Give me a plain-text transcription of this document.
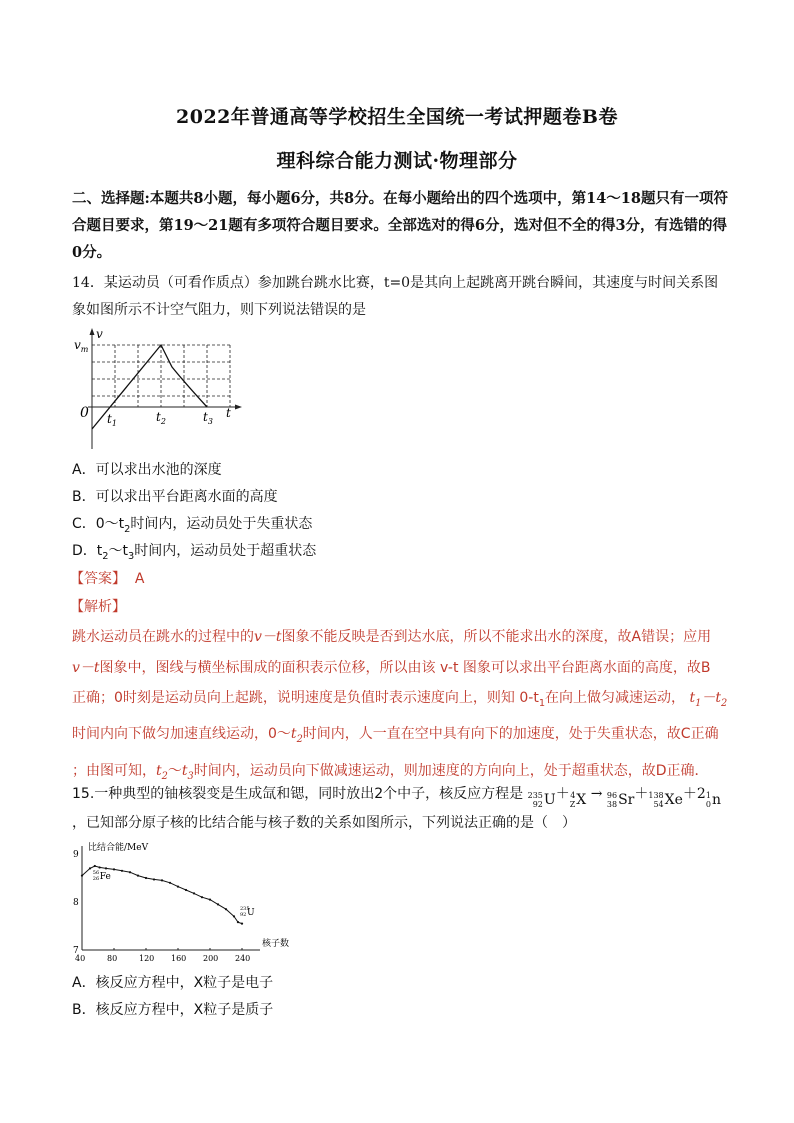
2022年普通高等学校招生全国统一考试押题卷B卷
理科综合能力测试·物理部分
二、选择题:本题共8小题，每小题6分，共8分。在每小题给出的四个选项中，第14～18题只有一项符合题目要求，第19～21题有多项符合题目要求。全部选对的得6分，选对但不全的得3分，有选错的得0分。
14．某运动员（可看作质点）参加跳台跳水比赛，t=0是其向上起跳离开跳台瞬间，其速度与时间关系图象如图所示不计空气阻力，则下列说法错误的是
v
$v_m$
0	t
$t_1$	$t_2$	$t_3$
A．可以求出水池的深度
B．可以求出平台距离水面的高度
C．$0\sim t_2$时间内，运动员处于失重状态
D．$t_2\sim t_3$时间内，运动员处于超重状态
【答案】 A
【解析】
跳水运动员在跳水的过程中的v－t图象不能反映是否到达水底，所以不能求出水的深度，故A错误；应用
v－t图象中，图线与横坐标围成的面积表示位移，所以由该 v-t 图象可以求出平台距离水面的高度，故B
正确；0时刻是运动员向上起跳，说明速度是负值时表示速度向上，则知 $0-t_1$在向上做匀减速运动， $t_1-t_2$
时间内向下做匀加速直线运动，$0\sim t_2$时间内，人一直在空中具有向下的加速度，处于失重状态，故C正确
；由图可知，$t_2\sim t_3$时间内，运动员向下做减速运动，则加速度的方向向上，处于超重状态，故D正确．
15.一种典型的铀核裂变是生成氙和锶，同时放出2个中子，核反应方程是 235
92 U ＋ 4
Z X → 96
38 Sr ＋ 138
54 Xe ＋2 1
0 n
，已知部分原子核的比结合能与核子数的关系如图所示，下列说法正确的是（　）
比结合能/MeV
核子数
40	80	120 160 200 240
7
8
9
56
26 Fe
235
92 U
A．核反应方程中，X粒子是电子
B．核反应方程中，X粒子是质子
